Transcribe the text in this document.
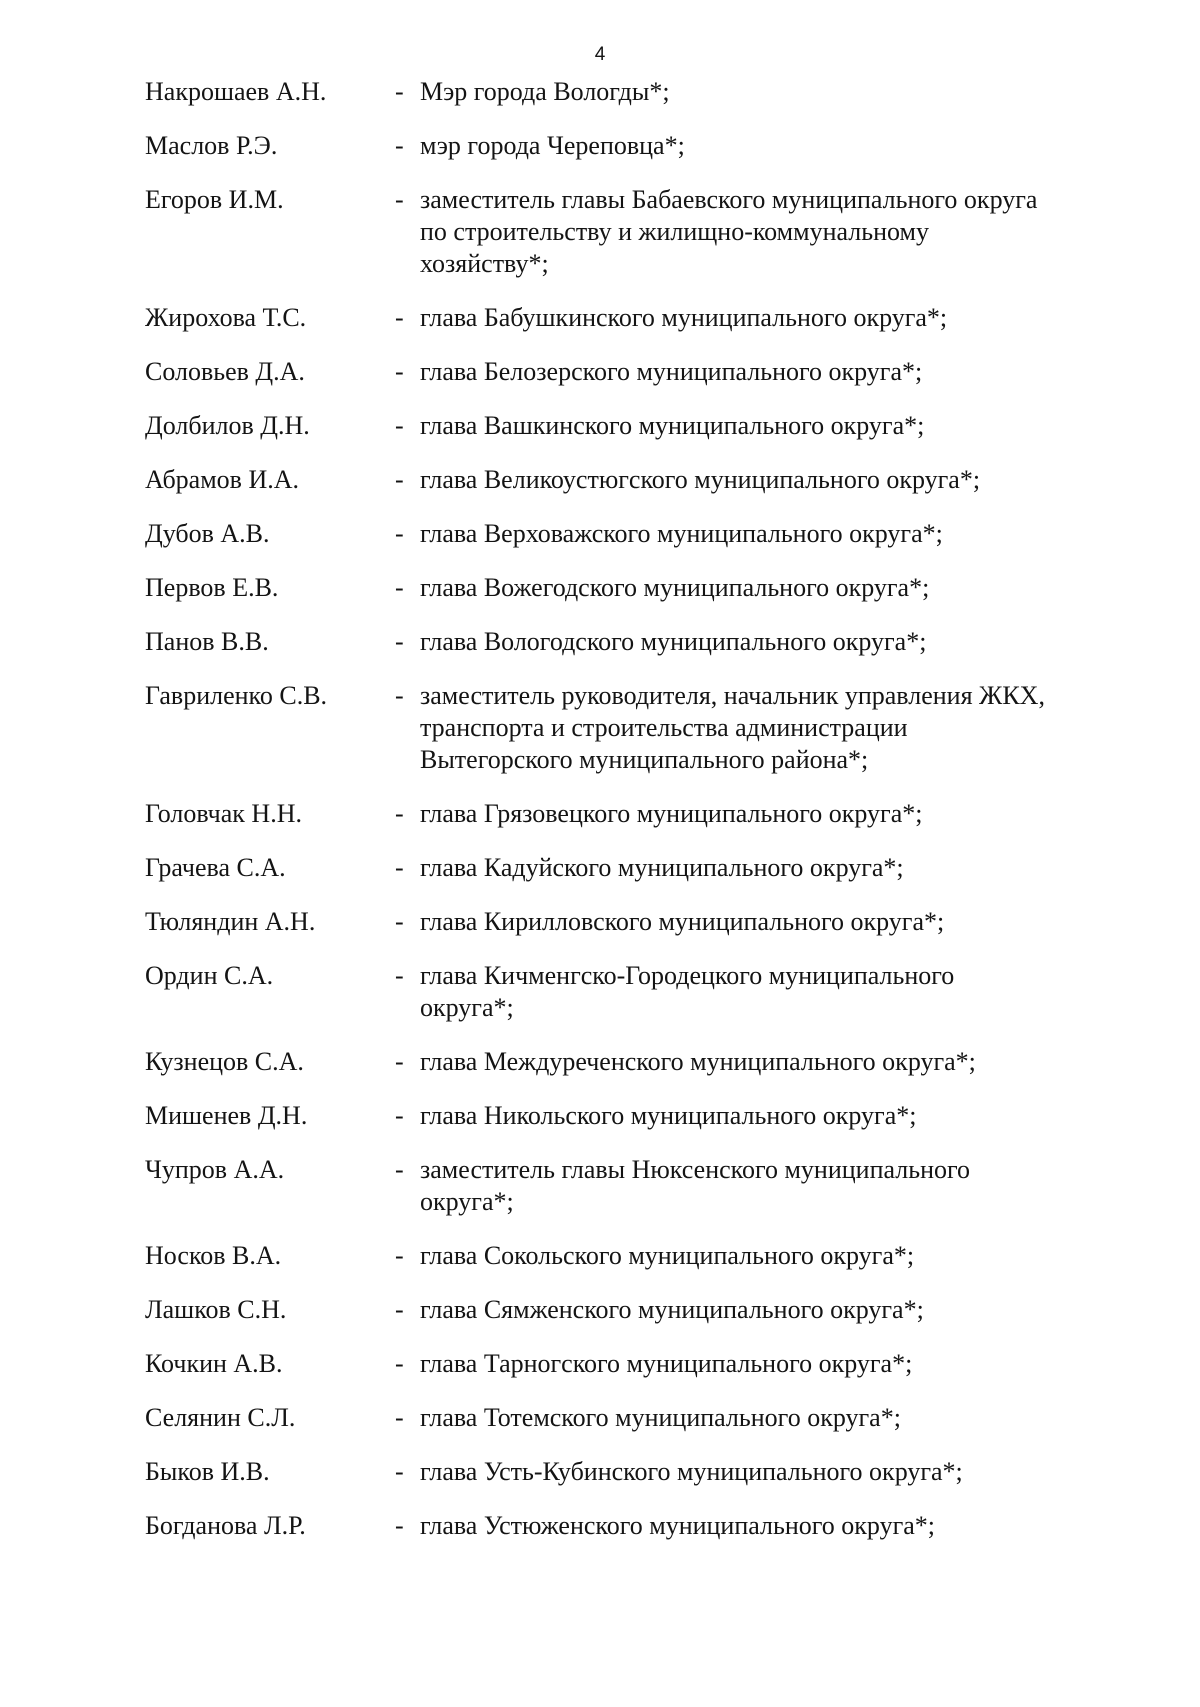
4
Накрошаев А.Н.	- Мэр города Вологды*;
Маслов Р.Э.	- мэр города Череповца*;
Егоров И.М.	- заместитель главы Бабаевского муниципального округа
по строительству и жилищно-коммунальному
хозяйству*;
Жирохова Т.С.	- глава Бабушкинского муниципального округа*;
Соловьев Д.А.	- глава Белозерского муниципального округа*;
Долбилов Д.Н.	- глава Вашкинского муниципального округа*;
Абрамов И.А.	- глава Великоустюгского муниципального округа*;
Дубов А.В.	- глава Верховажского муниципального округа*;
Первов Е.В.	- глава Вожегодского муниципального округа*;
Панов В.В.	- глава Вологодского муниципального округа*;
Гавриленко С.В.	- заместитель руководителя, начальник управления ЖКХ,
транспорта и строительства администрации
Вытегорского муниципального района*;
Головчак Н.Н.	- глава Грязовецкого муниципального округа*;
Грачева С.А.	- глава Кадуйского муниципального округа*;
Тюляндин А.Н.	- глава Кирилловского муниципального округа*;
Ордин С.А.	- глава Кичменгско-Городецкого муниципального
округа*;
Кузнецов С.А.	- глава Междуреченского муниципального округа*;
Мишенев Д.Н.	- глава Никольского муниципального округа*;
Чупров А.А.	- заместитель главы Нюксенского муниципального
округа*;
Носков В.А.	- глава Сокольского муниципального округа*;
Лашков С.Н.	- глава Сямженского муниципального округа*;
Кочкин А.В.	- глава Тарногского муниципального округа*;
Селянин С.Л.	- глава Тотемского муниципального округа*;
Быков И.В.	- глава Усть-Кубинского муниципального округа*;
Богданова Л.Р.	- глава Устюженского муниципального округа*;
